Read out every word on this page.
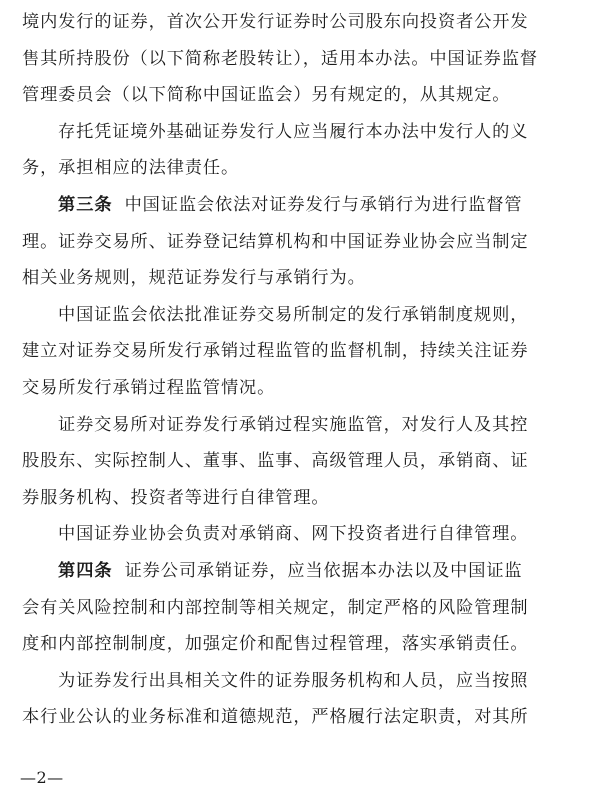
境内发行的证券，首次公开发行证券时公司股东向投资者公开发
售其所持股份（以下简称老股转让），适用本办法。中国证券监督
管理委员会（以下简称中国证监会）另有规定的，从其规定。
存托凭证境外基础证券发行人应当履行本办法中发行人的义
务，承担相应的法律责任。
第三条 中国证监会依法对证券发行与承销行为进行监督管
理。证券交易所、证券登记结算机构和中国证券业协会应当制定
相关业务规则，规范证券发行与承销行为。
中国证监会依法批准证券交易所制定的发行承销制度规则，
建立对证券交易所发行承销过程监管的监督机制，持续关注证券
交易所发行承销过程监管情况。
证券交易所对证券发行承销过程实施监管，对发行人及其控
股股东、实际控制人、董事、监事、高级管理人员，承销商、证
券服务机构、投资者等进行自律管理。
中国证券业协会负责对承销商、网下投资者进行自律管理。
第四条 证券公司承销证券，应当依据本办法以及中国证监
会有关风险控制和内部控制等相关规定，制定严格的风险管理制
度和内部控制制度，加强定价和配售过程管理，落实承销责任。
为证券发行出具相关文件的证券服务机构和人员，应当按照
本行业公认的业务标准和道德规范，严格履行法定职责，对其所
—2—
